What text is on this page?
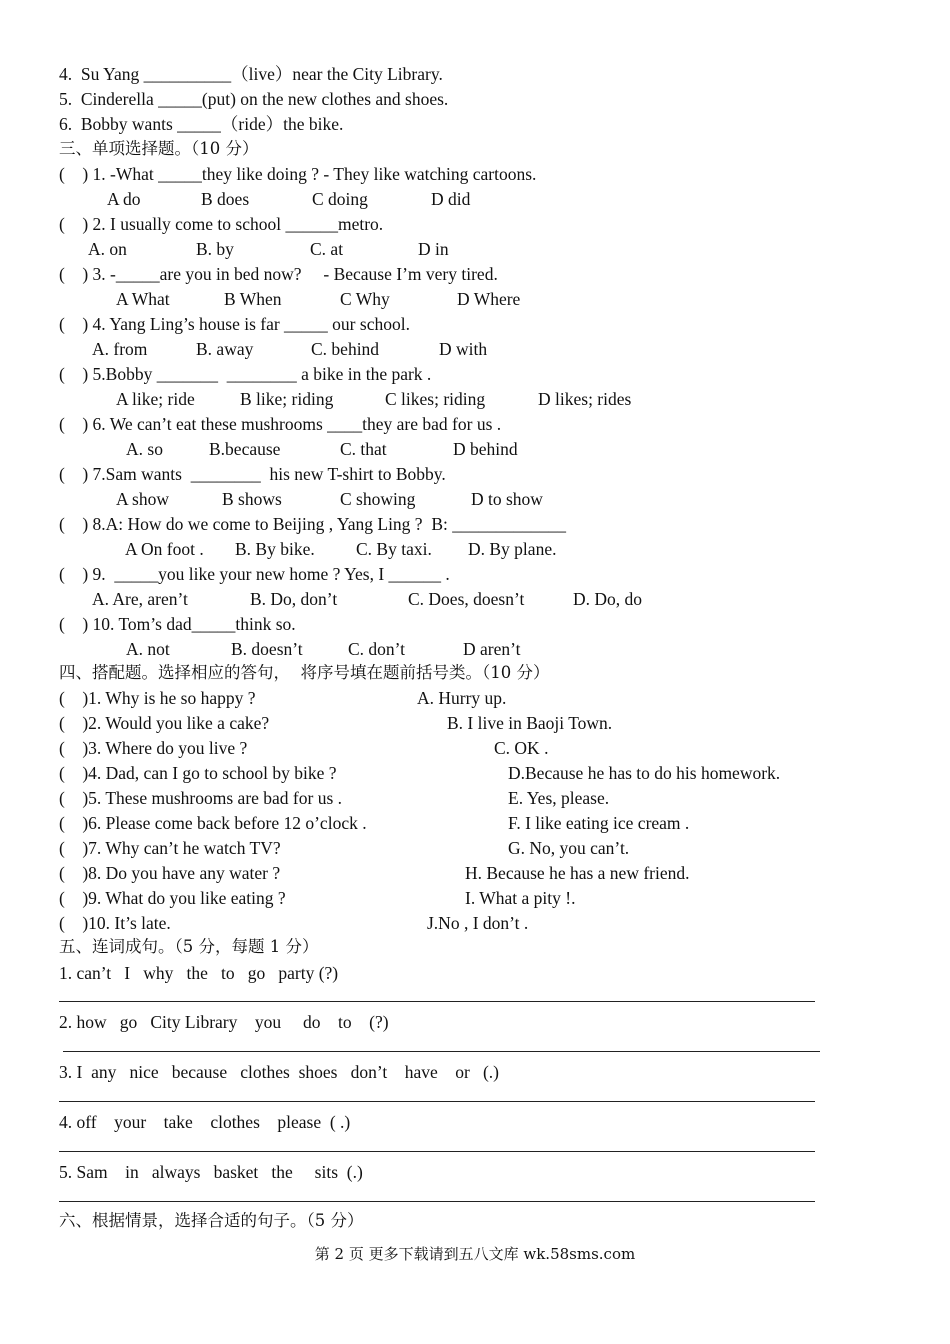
4.  Su Yang __________（live）near the City Library.
5.  Cinderella _____(put) on the new clothes and shoes.
6.  Bobby wants _____（ride）the bike.
三、单项选择题。（10 分）
(    ) 1. -What _____they like doing ? - They like watching cartoons.
A do	B does	C doing	D did
(    ) 2. I usually come to school ______metro.
A. on	B. by	C. at	D in
(    ) 3. -_____are you in bed now?     - Because I’m very tired.
A What	B When	C Why	D Where
(    ) 4. Yang Ling’s house is far _____ our school.
A. from	B. away	C. behind	D with
(    ) 5.Bobby _______  ________ a bike in the park .
A like; ride	B like; riding	C likes; riding	D likes; rides
(    ) 6. We can’t eat these mushrooms ____they are bad for us .
A. so	B.because	C. that	D behind
(    ) 7.Sam wants  ________  his new T-shirt to Bobby.
A show	B shows	C showing	D to show
(    ) 8.A: How do we come to Beijing , Yang Ling ?  B: _____________
A On foot . B. By bike. C. By taxi. D. By plane.
(    ) 9.  _____you like your new home ? Yes, I ______ .
A. Are, aren’t	B. Do, don’t	C. Does, doesn’t	D. Do, do
(    ) 10. Tom’s dad_____think so.
A. not	B. doesn’t	C. don’t	D aren’t
四、搭配题。选择相应的答句，  将序号填在题前括号类。（10 分）
(    )1. Why is he so happy ?	A. Hurry up.
(    )2. Would you like a cake?	B. I live in Baoji Town.
(    )3. Where do you live ?	C. OK .
(    )4. Dad, can I go to school by bike ?	D.Because he has to do his homework.
(    )5. These mushrooms are bad for us .	E. Yes, please.
(    )6. Please come back before 12 o’clock .	F. I like eating ice cream .
(    )7. Why can’t he watch TV?	G. No, you can’t.
(    )8. Do you have any water ?	H. Because he has a new friend.
(    )9. What do you like eating ?	I. What a pity !.
(    )10. It’s late.	J.No , I don’t .
五、连词成句。（5 分，每题 1 分）
1. can’t   I   why   the   to   go   party (?)
2. how   go   City Library    you     do    to    (?)
3. I  any   nice   because   clothes  shoes   don’t    have    or   (.)
4. off    your    take    clothes    please  ( .)
5. Sam    in   always   basket   the     sits  (.)
六、根据情景，选择合适的句子。（5 分）
第 2 页 更多下载请到五八文库 wk.58sms.com
